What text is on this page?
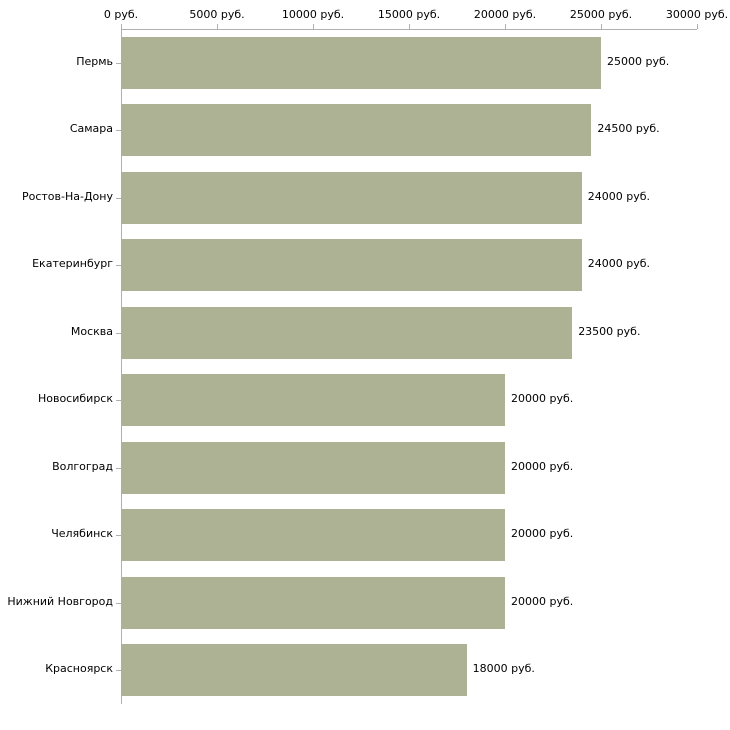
0 руб.	5000 руб.	10000 руб.	15000 руб.	20000 руб.	25000 руб.	30000 руб.
Пермь	25000 руб.
Самара	24500 руб.
Ростов-На-Дону	24000 руб.
Екатеринбург	24000 руб.
Москва	23500 руб.
Новосибирск	20000 руб.
Волгоград	20000 руб.
Челябинск	20000 руб.
Нижний Новгород	20000 руб.
Красноярск	18000 руб.
